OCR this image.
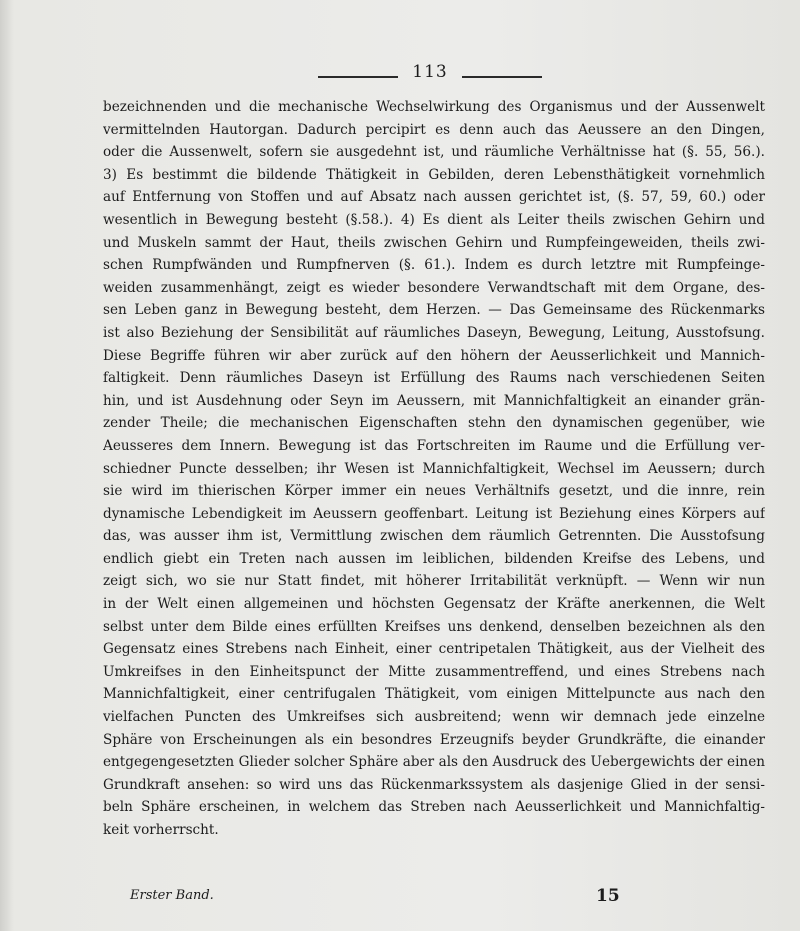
113
bezeichnenden und die mechanische Wechselwirkung des Organismus und der Aussenwelt
vermittelnden Hautorgan. Dadurch percipirt es denn auch das Aeussere an den Dingen,
oder die Aussenwelt, sofern sie ausgedehnt ist, und räumliche Verhältnisse hat (§. 55, 56.).
3) Es bestimmt die bildende Thätigkeit in Gebilden, deren Lebensthätigkeit vornehmlich
auf Entfernung von Stoffen und auf Absatz nach aussen gerichtet ist, (§. 57, 59, 60.) oder
wesentlich in Bewegung besteht (§.58.). 4) Es dient als Leiter theils zwischen Gehirn und
und Muskeln sammt der Haut, theils zwischen Gehirn und Rumpfeingeweiden, theils zwi-
schen Rumpfwänden und Rumpfnerven (§. 61.). Indem es durch letztre mit Rumpfeinge-
weiden zusammenhängt, zeigt es wieder besondere Verwandtschaft mit dem Organe, des-
sen Leben ganz in Bewegung besteht, dem Herzen. — Das Gemeinsame des Rückenmarks
ist also Beziehung der Sensibilität auf räumliches Daseyn, Bewegung, Leitung, Ausstofsung.
Diese Begriffe führen wir aber zurück auf den höhern der Aeusserlichkeit und Mannich-
faltigkeit. Denn räumliches Daseyn ist Erfüllung des Raums nach verschiedenen Seiten
hin, und ist Ausdehnung oder Seyn im Aeussern, mit Mannichfaltigkeit an einander grän-
zender Theile; die mechanischen Eigenschaften stehn den dynamischen gegenüber, wie
Aeusseres dem Innern. Bewegung ist das Fortschreiten im Raume und die Erfüllung ver-
schiedner Puncte desselben; ihr Wesen ist Mannichfaltigkeit, Wechsel im Aeussern; durch
sie wird im thierischen Körper immer ein neues Verhältnifs gesetzt, und die innre, rein
dynamische Lebendigkeit im Aeussern geoffenbart. Leitung ist Beziehung eines Körpers auf
das, was ausser ihm ist, Vermittlung zwischen dem räumlich Getrennten. Die Ausstofsung
endlich giebt ein Treten nach aussen im leiblichen, bildenden Kreifse des Lebens, und
zeigt sich, wo sie nur Statt findet, mit höherer Irritabilität verknüpft. — Wenn wir nun
in der Welt einen allgemeinen und höchsten Gegensatz der Kräfte anerkennen, die Welt
selbst unter dem Bilde eines erfüllten Kreifses uns denkend, denselben bezeichnen als den
Gegensatz eines Strebens nach Einheit, einer centripetalen Thätigkeit, aus der Vielheit des
Umkreifses in den Einheitspunct der Mitte zusammentreffend, und eines Strebens nach
Mannichfaltigkeit, einer centrifugalen Thätigkeit, vom einigen Mittelpuncte aus nach den
vielfachen Puncten des Umkreifses sich ausbreitend; wenn wir demnach jede einzelne
Sphäre von Erscheinungen als ein besondres Erzeugnifs beyder Grundkräfte, die einander
entgegengesetzten Glieder solcher Sphäre aber als den Ausdruck des Uebergewichts der einen
Grundkraft ansehen: so wird uns das Rückenmarkssystem als dasjenige Glied in der sensi-
beln Sphäre erscheinen, in welchem das Streben nach Aeusserlichkeit und Mannichfaltig-
keit vorherrscht.
Erster Band.	15
